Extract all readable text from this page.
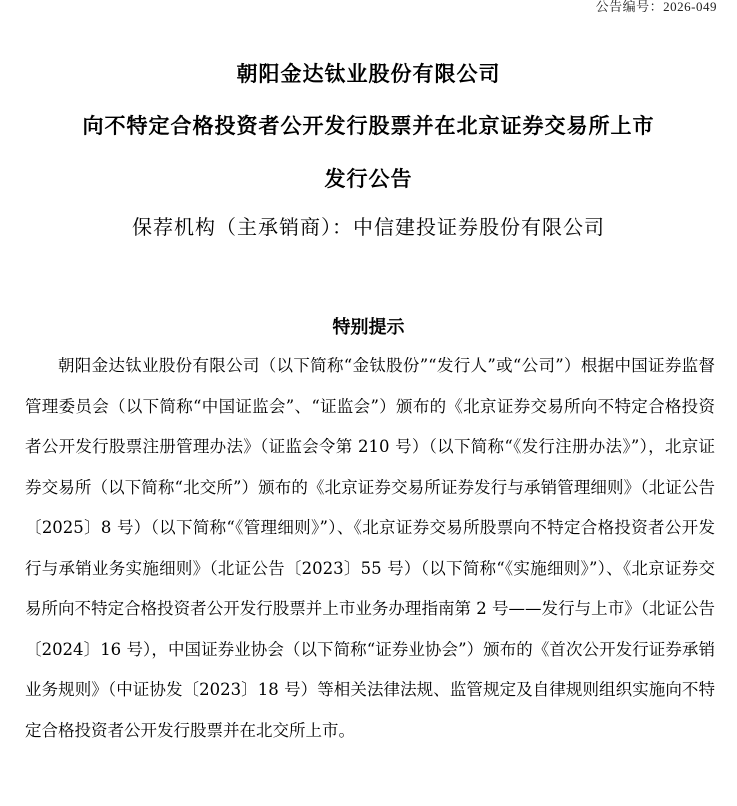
公告编号：2026-049
朝阳金达钛业股份有限公司
向不特定合格投资者公开发行股票并在北京证券交易所上市
发行公告
保荐机构（主承销商）：中信建投证券股份有限公司
特别提示

朝阳金达钛业股份有限公司（以下简称“金钛股份”“发行人”或“公司”）根据中国证券监督管理委员会（以下简称“中国证监会”、“证监会”）颁布的《北京证券交易所向不特定合格投资者公开发行股票注册管理办法》（证监会令第 210 号）（以下简称“《发行注册办法》”），北京证券交易所（以下简称“北交所”）颁布的《北京证券交易所证券发行与承销管理细则》（北证公告〔2025〕8 号）（以下简称“《管理细则》”）、《北京证券交易所股票向不特定合格投资者公开发行与承销业务实施细则》（北证公告〔2023〕55 号）（以下简称“《实施细则》”）、《北京证券交易所向不特定合格投资者公开发行股票并上市业务办理指南第 2 号——发行与上市》（北证公告〔2024〕16 号），中国证券业协会（以下简称“证券业协会”）颁布的《首次公开发行证券承销业务规则》（中证协发〔2023〕18 号）等相关法律法规、监管规定及自律规则组织实施向不特定合格投资者公开发行股票并在北交所上市。
